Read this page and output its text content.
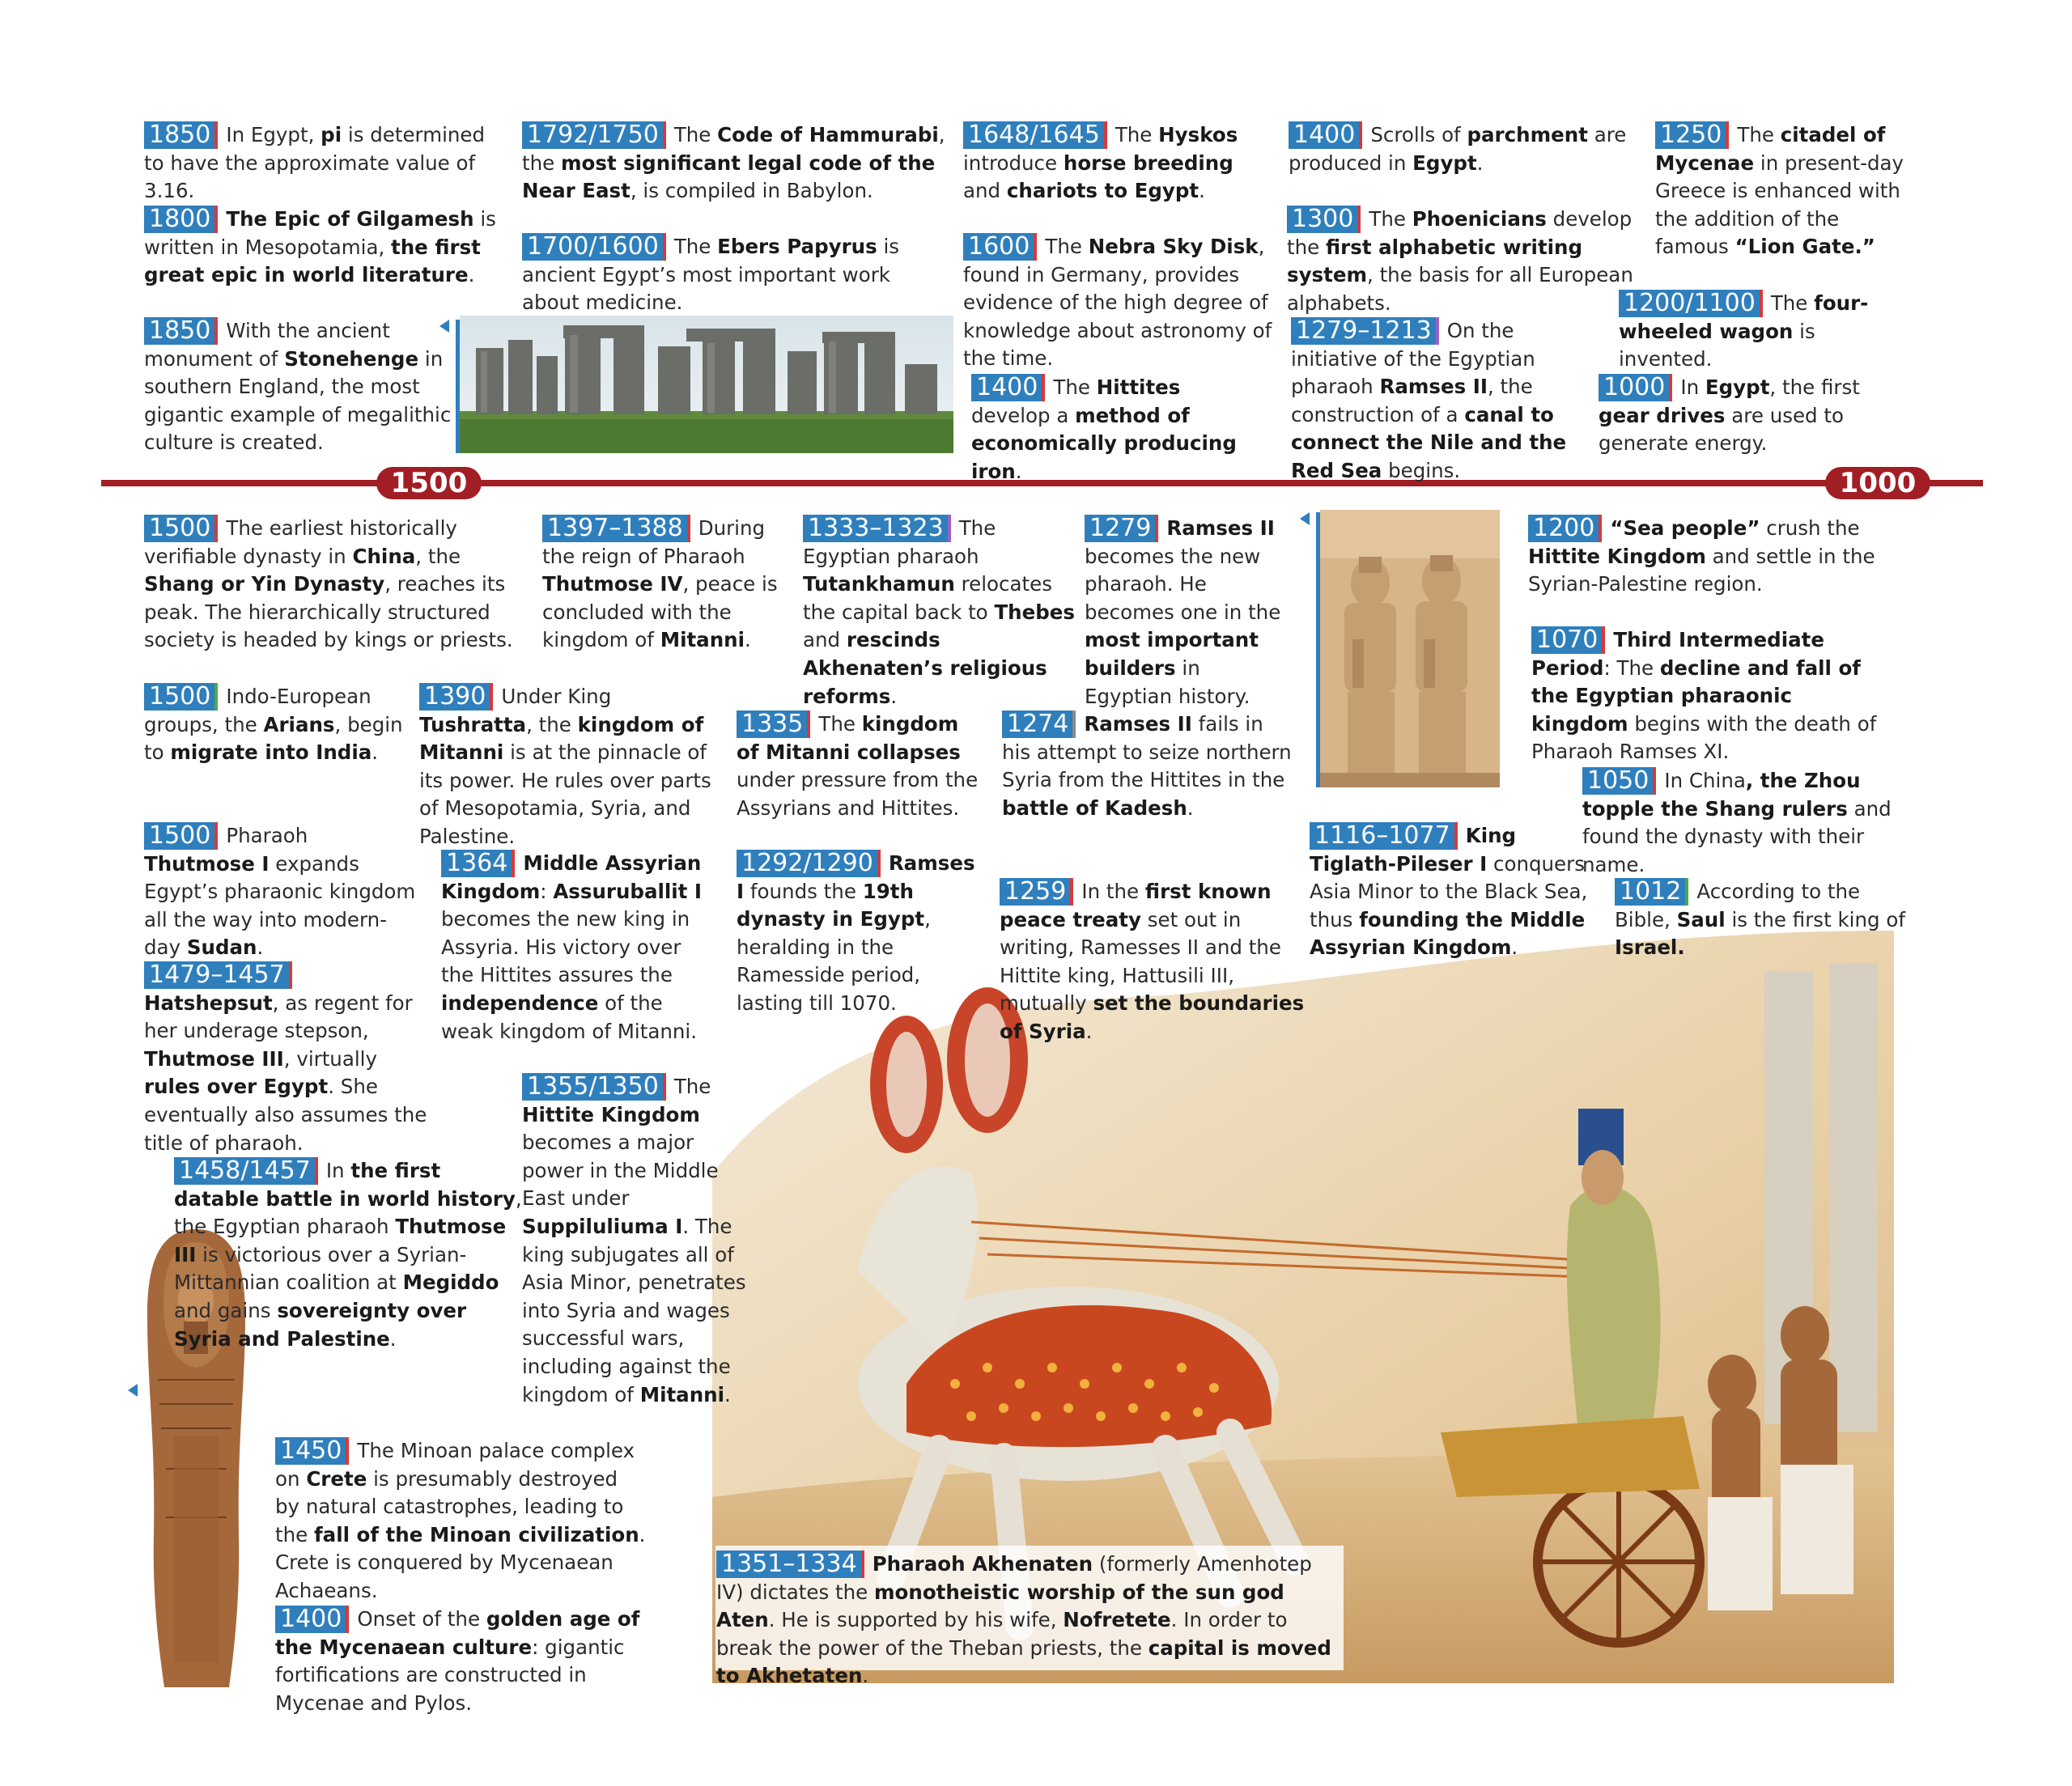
1500	1000
1850 In Egypt, pi is determined to have the approximate value of 3.16.
1800 The Epic of Gilgamesh is written in Mesopotamia, the first great epic in world literature.
1850 With the ancient monument of Stonehenge in southern England, the most gigantic example of megalithic culture is created.
1792/1750 The Code of Hammurabi, the most significant legal code of the Near East, is compiled in Babylon.
1700/1600 The Ebers Papyrus is ancient Egypt’s most important work about medicine.
1648/1645 The Hyskos introduce horse breeding and chariots to Egypt.
1600 The Nebra Sky Disk, found in Germany, provides evidence of the high degree of knowledge about astronomy of the time.
1400 The Hittites develop a method of economically producing iron.
1400 Scrolls of parchment are produced in Egypt.
1300 The Phoenicians develop the first alphabetic writing system, the basis for all European alphabets.
1279–1213 On the initiative of the Egyptian pharaoh Ramses II, the construction of a canal to connect the Nile and the Red Sea begins.
1250 The citadel of Mycenae in present-day Greece is enhanced with the addition of the famous “Lion Gate.”
1200/1100 The four-wheeled wagon is invented.
1000 In Egypt, the first gear drives are used to generate energy.
1500 The earliest historically verifiable dynasty in China, the Shang or Yin Dynasty, reaches its peak. The hierarchically structured society is headed by kings or priests.
1500 Indo-European groups, the Arians, begin to migrate into India.
1500 Pharaoh Thutmose I expands Egypt’s pharaonic kingdom all the way into modern-day Sudan.
1479–1457Hatshepsut, as regent for her underage stepson, Thutmose III, virtually rules over Egypt. She eventually also assumes the title of pharaoh.
1458/1457 In the first datable battle in world history, the Egyptian pharaoh Thutmose III is victorious over a Syrian-Mittannian coalition at Megiddo and gains sovereignty over Syria and Palestine.
1450 The Minoan palace complex on Crete is presumably destroyed by natural catastrophes, leading to the fall of the Minoan civilization. Crete is conquered by Mycenaean Achaeans.
1400 Onset of the golden age of the Mycenaean culture: gigantic fortifications are constructed in Mycenae and Pylos.
1397–1388 During the reign of Pharaoh Thutmose IV, peace is concluded with the kingdom of Mitanni.
1390 Under King Tushratta, the kingdom of Mitanni is at the pinnacle of its power. He rules over parts of Mesopotamia, Syria, and Palestine.
1364 Middle Assyrian Kingdom: Assuruballit I becomes the new king in Assyria. His victory over the Hittites assures the independence of the weak kingdom of Mitanni.
1355/1350 The Hittite Kingdom becomes a major power in the Middle East under Suppiluliuma I. The king subjugates all of Asia Minor, penetrates into Syria and wages successful wars, including against the kingdom of Mitanni.
1333–1323 The Egyptian pharaoh Tutankhamun relocates the capital back to Thebes and rescinds Akhenaten’s religious reforms.
1335 The kingdom of Mitanni collapses under pressure from the Assyrians and Hittites.
1292/1290 Ramses I founds the 19th dynasty in Egypt, heralding in the Ramesside period, lasting till 1070.
1279 Ramses II becomes the new pharaoh. He becomes one in the most important builders in Egyptian history.
1274 Ramses II fails in his attempt to seize northern Syria from the Hittites in the battle of Kadesh.
1259 In the first known peace treaty set out in writing, Ramesses II and the Hittite king, Hattusili III, mutually set the boundaries of Syria.
1200 “Sea people” crush the Hittite Kingdom and settle in the Syrian-Palestine region.
1070 Third Intermediate Period: The decline and fall of the Egyptian pharaonic kingdom begins with the death of Pharaoh Ramses XI.
1050 In China, the Zhou topple the Shang rulers and found the dynasty with their name.
1116–1077 King Tiglath-Pileser I conquers Asia Minor to the Black Sea, thus founding the Middle Assyrian Kingdom.
1012 According to the Bible, Saul is the first king of Israel.
1351–1334 Pharaoh Akhenaten (formerly Amenhotep IV) dictates the monotheistic worship of the sun god Aten. He is supported by his wife, Nofretete. In order to break the power of the Theban priests, the capital is moved to Akhetaten.
